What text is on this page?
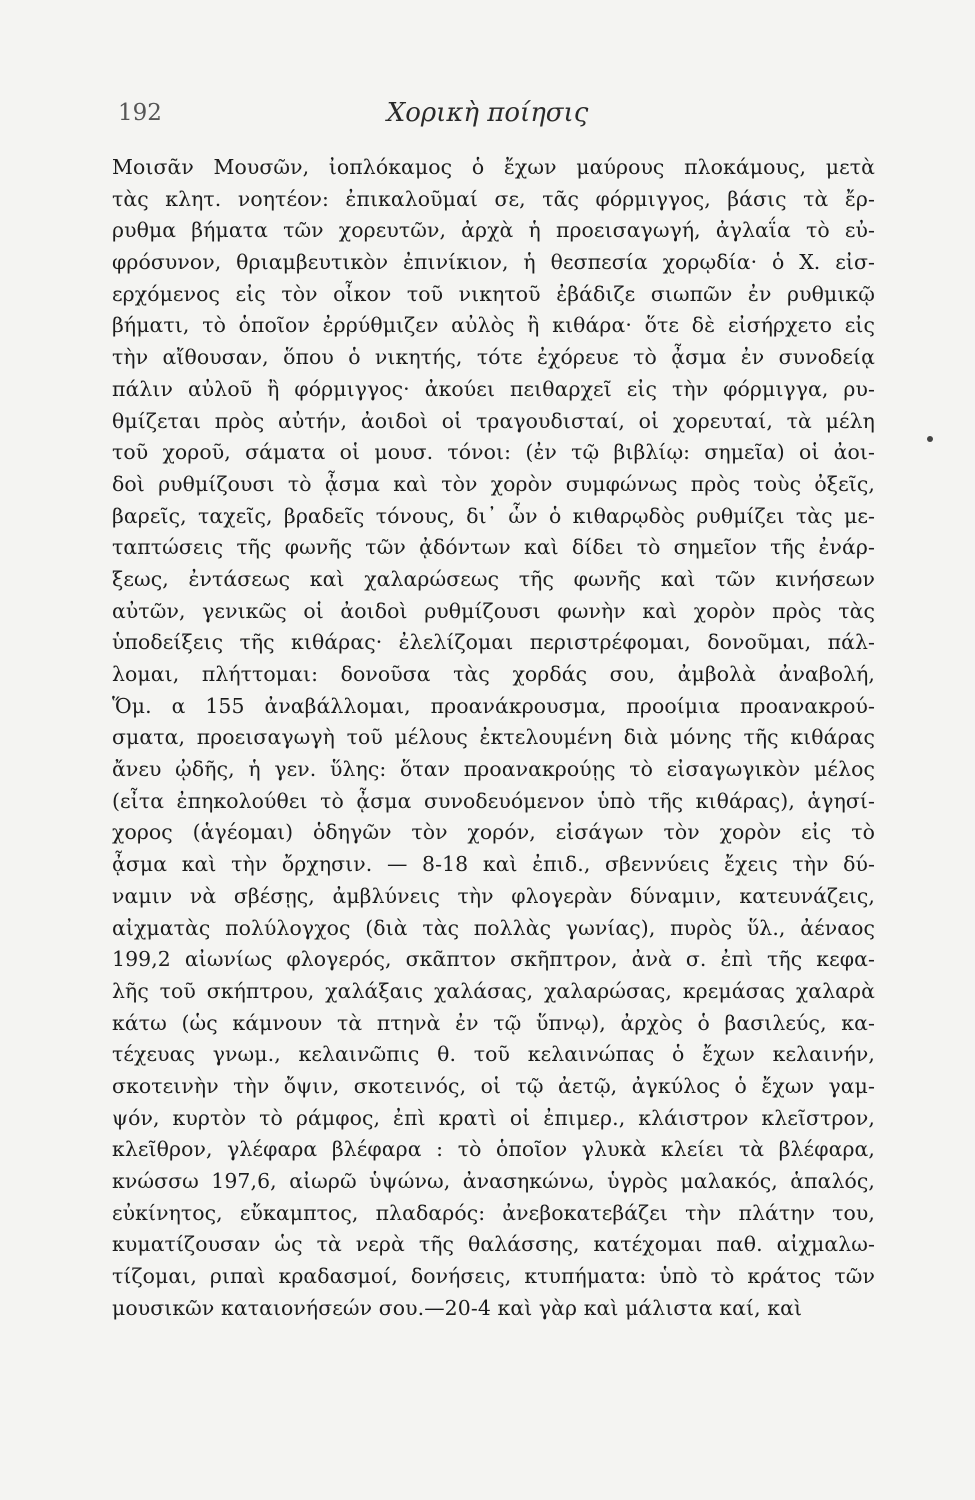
192	Χορικὴ ποίησις
Μοισᾶν Μουσῶν, ἰοπλόκαμος ὁ ἔχων μαύρους πλοκάμους, μετὰ
τὰς κλητ. νοητέον: ἐπικαλοῦμαί σε, τᾶς φόρμιγγος, βάσις τὰ ἔρ-
ρυθμα βήματα τῶν χορευτῶν, ἀρχὰ ἡ προεισαγωγή, ἀγλαΐα τὸ εὐ-
φρόσυνον, θριαμβευτικὸν ἐπινίκιον, ἡ θεσπεσία χορῳδία· ὁ Χ. εἰσ-
ερχόμενος εἰς τὸν οἶκον τοῦ νικητοῦ ἐβάδιζε σιωπῶν ἐν ρυθμικῷ
βήματι, τὸ ὁποῖον ἐρρύθμιζεν αὐλὸς ἢ κιθάρα· ὅτε δὲ εἰσήρχετο εἰς
τὴν αἴθουσαν, ὅπου ὁ νικητής, τότε ἐχόρευε τὸ ᾆσμα ἐν συνοδείᾳ
πάλιν αὐλοῦ ἢ φόρμιγγος· ἀκούει πειθαρχεῖ εἰς τὴν φόρμιγγα, ρυ-
θμίζεται πρὸς αὐτήν, ἀοιδοὶ οἱ τραγουδισταί, οἱ χορευταί, τὰ μέλη
τοῦ χοροῦ, σάματα οἱ μουσ. τόνοι: (ἐν τῷ βιβλίῳ: σημεῖα) οἱ ἀοι-
δοὶ ρυθμίζουσι τὸ ᾆσμα καὶ τὸν χορὸν συμφώνως πρὸς τοὺς ὀξεῖς,
βαρεῖς, ταχεῖς, βραδεῖς τόνους, δι᾽ ὧν ὁ κιθαρῳδὸς ρυθμίζει τὰς με-
ταπτώσεις τῆς φωνῆς τῶν ᾀδόντων καὶ δίδει τὸ σημεῖον τῆς ἐνάρ-
ξεως, ἐντάσεως καὶ χαλαρώσεως τῆς φωνῆς καὶ τῶν κινήσεων
αὐτῶν, γενικῶς οἱ ἀοιδοὶ ρυθμίζουσι φωνὴν καὶ χορὸν πρὸς τὰς
ὑποδείξεις τῆς κιθάρας· ἐλελίζομαι περιστρέφομαι, δονοῦμαι, πάλ-
λομαι, πλήττομαι: δονοῦσα τὰς χορδάς σου, ἀμβολὰ ἀναβολή,
Ὅμ. α 155 ἀναβάλλομαι, προανάκρουσμα, προοίμια προανακρού-
σματα, προεισαγωγὴ τοῦ μέλους ἐκτελουμένη διὰ μόνης τῆς κιθάρας
ἄνευ ᾠδῆς, ἡ γεν. ὕλης: ὅταν προανακρούῃς τὸ εἰσαγωγικὸν μέλος
(εἶτα ἐπηκολούθει τὸ ᾆσμα συνοδευόμενον ὑπὸ τῆς κιθάρας), ἁγησί-
χορος (ἁγέομαι) ὁδηγῶν τὸν χορόν, εἰσάγων τὸν χορὸν εἰς τὸ
ᾆσμα καὶ τὴν ὄρχησιν. — 8-18 καὶ ἐπιδ., σβεννύεις ἔχεις τὴν δύ-
ναμιν νὰ σβέσῃς, ἀμβλύνεις τὴν φλογερὰν δύναμιν, κατευνάζεις,
αἰχματὰς πολύλογχος (διὰ τὰς πολλὰς γωνίας), πυρὸς ὕλ., ἀέναος
199,2 αἰωνίως φλογερός, σκᾶπτον σκῆπτρον, ἀνὰ σ. ἐπὶ τῆς κεφα-
λῆς τοῦ σκήπτρου, χαλάξαις χαλάσας, χαλαρώσας, κρεμάσας χαλαρὰ
κάτω (ὡς κάμνουν τὰ πτηνὰ ἐν τῷ ὕπνῳ), ἀρχὸς ὁ βασιλεύς, κα-
τέχευας γνωμ., κελαινῶπις θ. τοῦ κελαινώπας ὁ ἔχων κελαινήν,
σκοτεινὴν τὴν ὄψιν, σκοτεινός, οἱ τῷ ἀετῷ, ἀγκύλος ὁ ἔχων γαμ-
ψόν, κυρτὸν τὸ ράμφος, ἐπὶ κρατὶ οἱ ἐπιμερ., κλάιστρον κλεῖστρον,
κλεῖθρον, γλέφαρα βλέφαρα : τὸ ὁποῖον γλυκὰ κλείει τὰ βλέφαρα,
κνώσσω 197,6, αἰωρῶ ὑψώνω, ἀνασηκώνω, ὑγρὸς μαλακός, ἁπαλός,
εὐκίνητος, εὔκαμπτος, πλαδαρός: ἀνεβοκατεβάζει τὴν πλάτην του,
κυματίζουσαν ὡς τὰ νερὰ τῆς θαλάσσης, κατέχομαι παθ. αἰχμαλω-
τίζομαι, ριπαὶ κραδασμοί, δονήσεις, κτυπήματα: ὑπὸ τὸ κράτος τῶν
μουσικῶν καταιονήσεών σου.—20-4 καὶ γὰρ καὶ μάλιστα καί, καὶ
